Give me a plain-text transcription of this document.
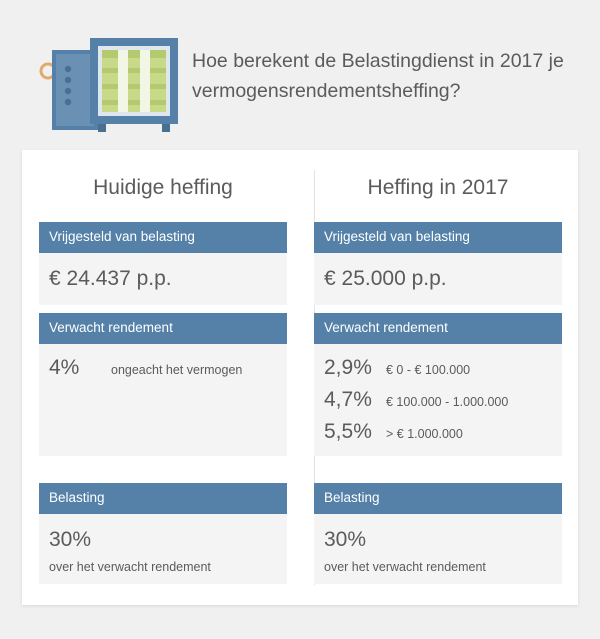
Hoe berekent de Belastingdienst in 2017 je vermogensrendementsheffing?
Huidige heffing
Vrijgesteld van belasting
€ 24.437 p.p.
Verwacht rendement
4%	ongeacht het vermogen
Belasting
30%
over het verwacht rendement
Heffing in 2017
Vrijgesteld van belasting
€ 25.000 p.p.
Verwacht rendement
2,9%	€ 0 - € 100.000
4,7%	€ 100.000 - 1.000.000
5,5%	> € 1.000.000
Belasting
30%
over het verwacht rendement
